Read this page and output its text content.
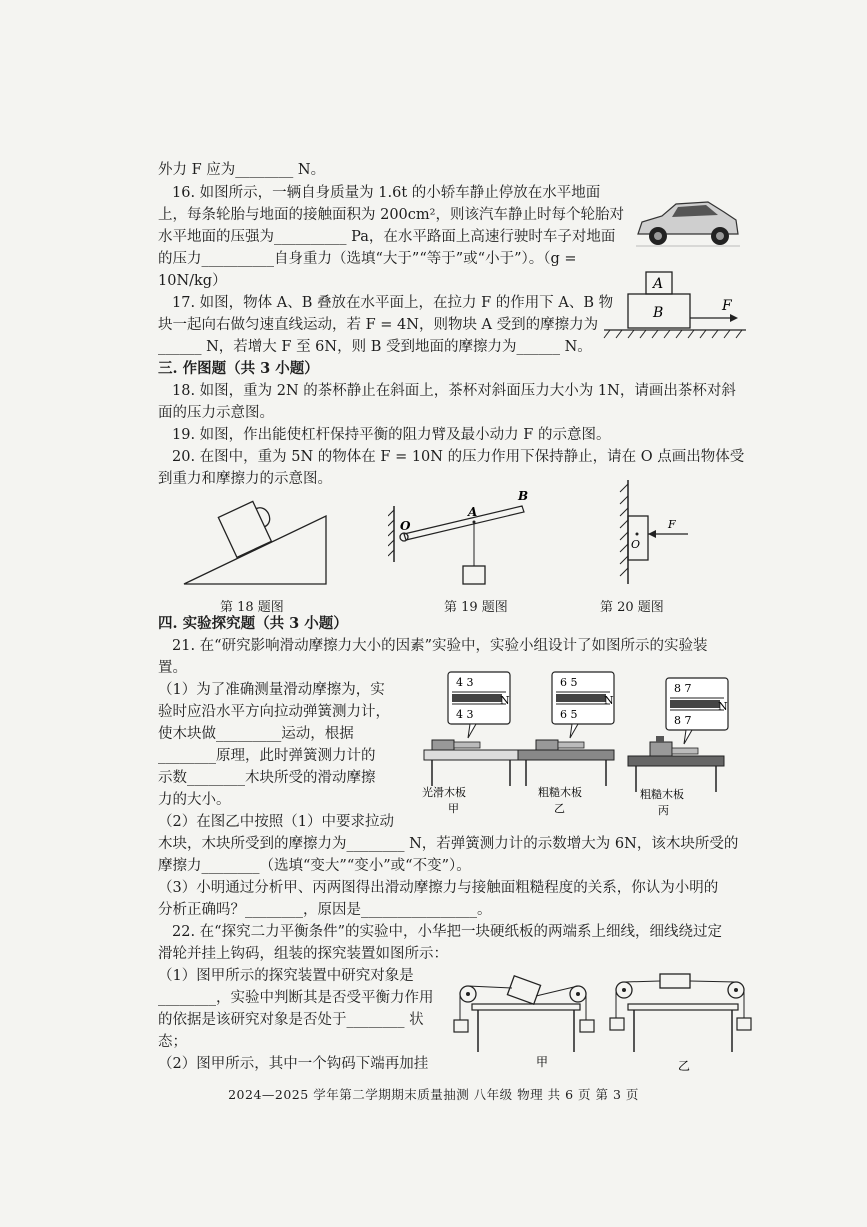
外力 F 应为________ N。
16. 如图所示，一辆自身质量为 1.6t 的小轿车静止停放在水平地面
上，每条轮胎与地面的接触面积为 200cm²，则该汽车静止时每个轮胎对
水平地面的压强为__________ Pa，在水平路面上高速行驶时车子对地面
的压力__________自身重力（选填“大于”“等于”或“小于”）。（g =
10N/kg）
17. 如图，物体 A、B 叠放在水平面上，在拉力 F 的作用下 A、B 物
块一起向右做匀速直线运动，若 F = 4N，则物块 A 受到的摩擦力为
______ N，若增大 F 至 6N，则 B 受到地面的摩擦力为______ N。
三. 作图题（共 3 小题）
18. 如图，重为 2N 的茶杯静止在斜面上，茶杯对斜面压力大小为 1N，请画出茶杯对斜
面的压力示意图。
19. 如图，作出能使杠杆保持平衡的阻力臂及最小动力 F 的示意图。
20. 在图中，重为 5N 的物体在 F = 10N 的压力作用下保持静止，请在 O 点画出物体受
到重力和摩擦力的示意图。
四. 实验探究题（共 3 小题）
21. 在“研究影响滑动摩擦力大小的因素”实验中，实验小组设计了如图所示的实验装
置。
（1）为了准确测量滑动摩擦为，实
验时应沿水平方向拉动弹簧测力计，
使木块做_________运动，根据
________原理，此时弹簧测力计的
示数________木块所受的滑动摩擦
力的大小。
（2）在图乙中按照（1）中要求拉动
木块，木块所受到的摩擦力为________ N，若弹簧测力计的示数增大为 6N，该木块所受的
摩擦力________（选填“变大”“变小”或“不变”）。
（3）小明通过分析甲、丙两图得出滑动摩擦力与接触面粗糙程度的关系，你认为小明的
分析正确吗？________，原因是________________。
22. 在“探究二力平衡条件”的实验中，小华把一块硬纸板的两端系上细线，细线绕过定
滑轮并挂上钩码，组装的探究装置如图所示：
（1）图甲所示的探究装置中研究对象是
________，实验中判断其是否受平衡力作用
的依据是该研究对象是否处于________ 状
态；
（2）图甲所示，其中一个钩码下端再加挂
A
B	F
第 18 题图
O
A
B
第 19 题图
O
F
第 20 题图
4 3
4 3
N
光滑木板
甲
6 5
6 5
N
粗糙木板
乙
8 7
8 7
N
粗糙木板
丙
甲	乙
2024—2025 学年第二学期期末质量抽测 八年级 物理 共 6 页 第 3 页
